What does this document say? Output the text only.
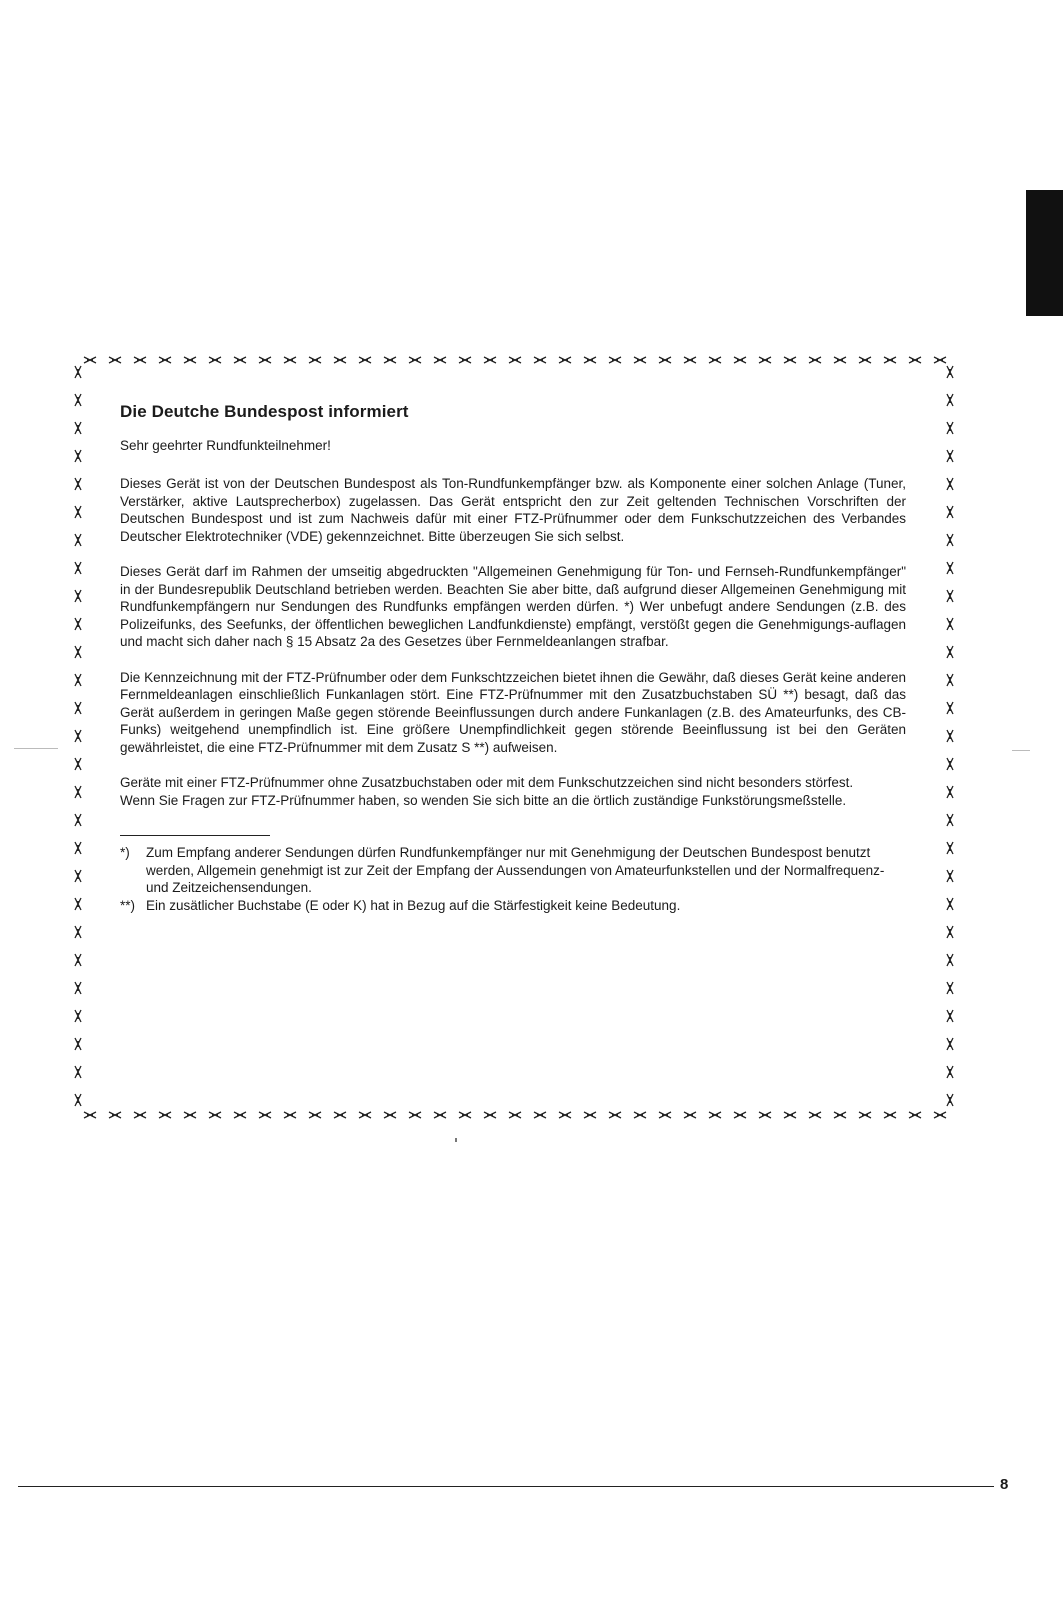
Die Deutche Bundespost informiert

Sehr geehrter Rundfunkteilnehmer!

Dieses Gerät ist von der Deutschen Bundespost als Ton-Rundfunkempfänger bzw. als Komponente einer solchen Anlage (Tuner, Verstärker, aktive Lautsprecherbox) zugelassen. Das Gerät entspricht den zur Zeit geltenden Technischen Vorschriften der Deutschen Bundespost und ist zum Nachweis dafür mit einer FTZ-Prüfnummer oder dem Funkschutzzeichen des Verbandes Deutscher Elektrotechniker (VDE) gekennzeichnet. Bitte überzeugen Sie sich selbst.

Dieses Gerät darf im Rahmen der umseitig abgedruckten "Allgemeinen Genehmigung für Ton- und Fernseh-Rundfunkempfänger" in der Bundesrepublik Deutschland betrieben werden. Beachten Sie aber bitte, daß aufgrund dieser Allgemeinen Genehmigung mit Rundfunkempfängern nur Sendungen des Rundfunks empfängen werden dürfen. *) Wer unbefugt andere Sendungen (z.B. des Polizeifunks, des Seefunks, der öffentlichen beweglichen Landfunkdienste) empfängt, verstößt gegen die Genehmigungs-auflagen und macht sich daher nach § 15 Absatz 2a des Gesetzes über Fernmeldeanlangen strafbar.

Die Kennzeichnung mit der FTZ-Prüfnumber oder dem Funkschtzzeichen bietet ihnen die Gewähr, daß dieses Gerät keine anderen Fernmeldeanlagen einschließlich Funkanlagen stört. Eine FTZ-Prüfnummer mit den Zusatzbuchstaben SÜ **) besagt, daß das Gerät außerdem in geringen Maße gegen störende Beeinflussungen durch andere Funkanlagen (z.B. des Amateurfunks, des CB-Funks) weitgehend unempfindlich ist. Eine größere Unempfindlichkeit gegen störende Beeinflussung ist bei den Geräten gewährleistet, die eine FTZ-Prüfnummer mit dem Zusatz S **) aufweisen.

Geräte mit einer FTZ-Prüfnummer ohne Zusatzbuchstaben oder mit dem Funkschutzzeichen sind nicht besonders störfest.
Wenn Sie Fragen zur FTZ-Prüfnummer haben, so wenden Sie sich bitte an die örtlich zuständige Funkstörungsmeßstelle.

*)	Zum Empfang anderer Sendungen dürfen Rundfunkempfänger nur mit Genehmigung der Deutschen Bundespost benutzt werden, Allgemein genehmigt ist zur Zeit der Empfang der Aussendungen von Amateurfunkstellen und der Normalfrequenz- und Zeitzeichensendungen.
**) Ein zusätlicher Buchstabe (E oder K) hat in Bezug auf die Stärfestigkeit keine Bedeutung.
8
